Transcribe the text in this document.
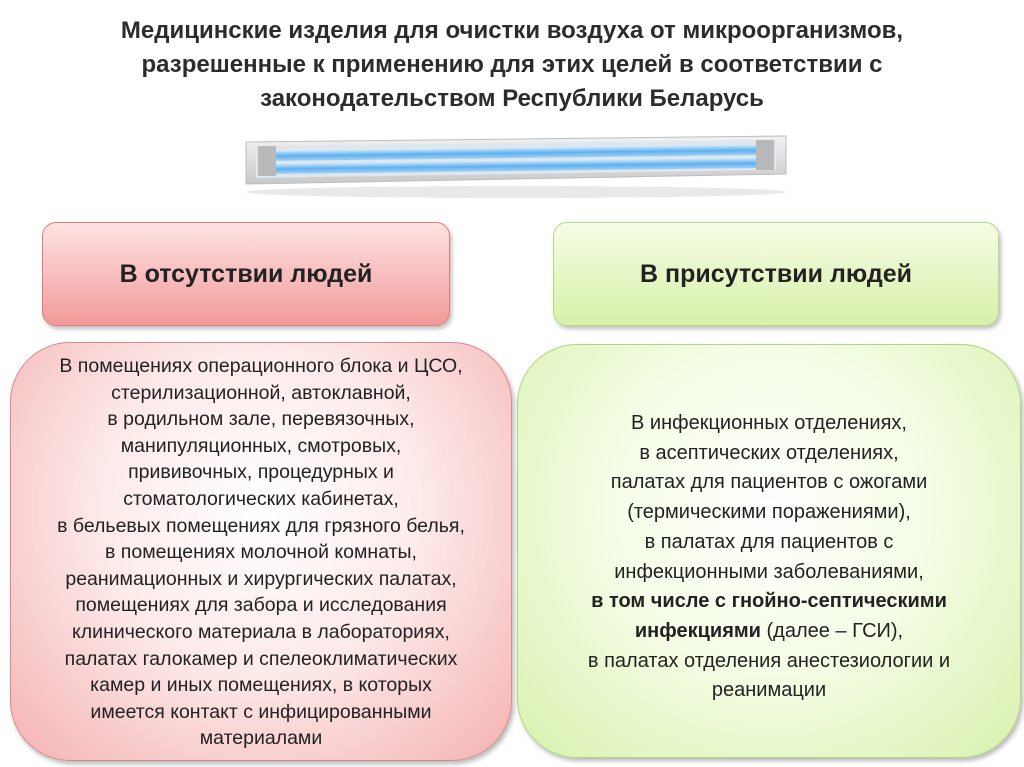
Медицинские изделия для очистки воздуха от микроорганизмов,
разрешенные к применению для этих целей в соответствии с
законодательством Республики Беларусь
В отсутствии людей	В присутствии людей
В помещениях операционного блока и ЦСО,
стерилизационной, автоклавной,
в родильном зале, перевязочных,
манипуляционных, смотровых,
прививочных, процедурных и
стоматологических кабинетах,
в бельевых помещениях для грязного белья,
в помещениях молочной комнаты,
реанимационных и хирургических палатах,
помещениях для забора и исследования
клинического материала в лабораториях,
палатах галокамер и спелеоклиматических
камер и иных помещениях, в которых
имеется контакт с инфицированными
материалами
В инфекционных отделениях,
в асептических отделениях,
палатах для пациентов с ожогами
(термическими поражениями),
в палатах для пациентов с
инфекционными заболеваниями,
в том числе с гнойно-септическими
инфекциями (далее – ГСИ),
в палатах отделения анестезиологии и
реанимации
